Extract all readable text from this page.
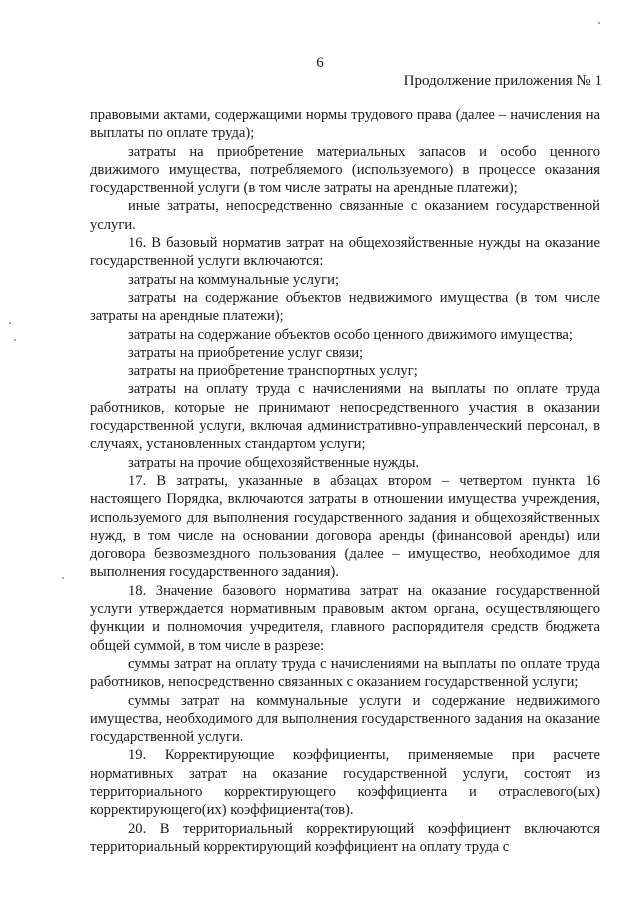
6
Продолжение приложения № 1

правовыми актами, содержащими нормы трудового права (далее – начисления на выплаты по оплате труда);

затраты на приобретение материальных запасов и особо ценного движимого имущества, потребляемого (используемого) в процессе оказания государственной услуги (в том числе затраты на арендные платежи);

иные затраты, непосредственно связанные с оказанием государственной услуги.

16. В базовый норматив затрат на общехозяйственные нужды на оказание государственной услуги включаются:

затраты на коммунальные услуги;

затраты на содержание объектов недвижимого имущества (в том числе затраты на арендные платежи);

затраты на содержание объектов особо ценного движимого имущества;

затраты на приобретение услуг связи;

затраты на приобретение транспортных услуг;

затраты на оплату труда с начислениями на выплаты по оплате труда работников, которые не принимают непосредственного участия в оказании государственной услуги, включая административно-управленческий персонал, в случаях, установленных стандартом услуги;

затраты на прочие общехозяйственные нужды.

17. В затраты, указанные в абзацах втором – четвертом пункта 16 настоящего Порядка, включаются затраты в отношении имущества учреждения, используемого для выполнения государственного задания и общехозяйственных нужд, в том числе на основании договора аренды (финансовой аренды) или договора безвозмездного пользования (далее – имущество, необходимое для выполнения государственного задания).

18. Значение базового норматива затрат на оказание государственной услуги утверждается нормативным правовым актом органа, осуществляющего функции и полномочия учредителя, главного распорядителя средств бюджета общей суммой, в том числе в разрезе:

суммы затрат на оплату труда с начислениями на выплаты по оплате труда работников, непосредственно связанных с оказанием государственной услуги;

суммы затрат на коммунальные услуги и содержание недвижимого имущества, необходимого для выполнения государственного задания на оказание государственной услуги.

19. Корректирующие коэффициенты, применяемые при расчете нормативных затрат на оказание государственной услуги, состоят из территориального корректирующего коэффициента и отраслевого(ых) корректирующего(их) коэффициента(тов).

20. В территориальный корректирующий коэффициент включаются территориальный корректирующий коэффициент на оплату труда с
